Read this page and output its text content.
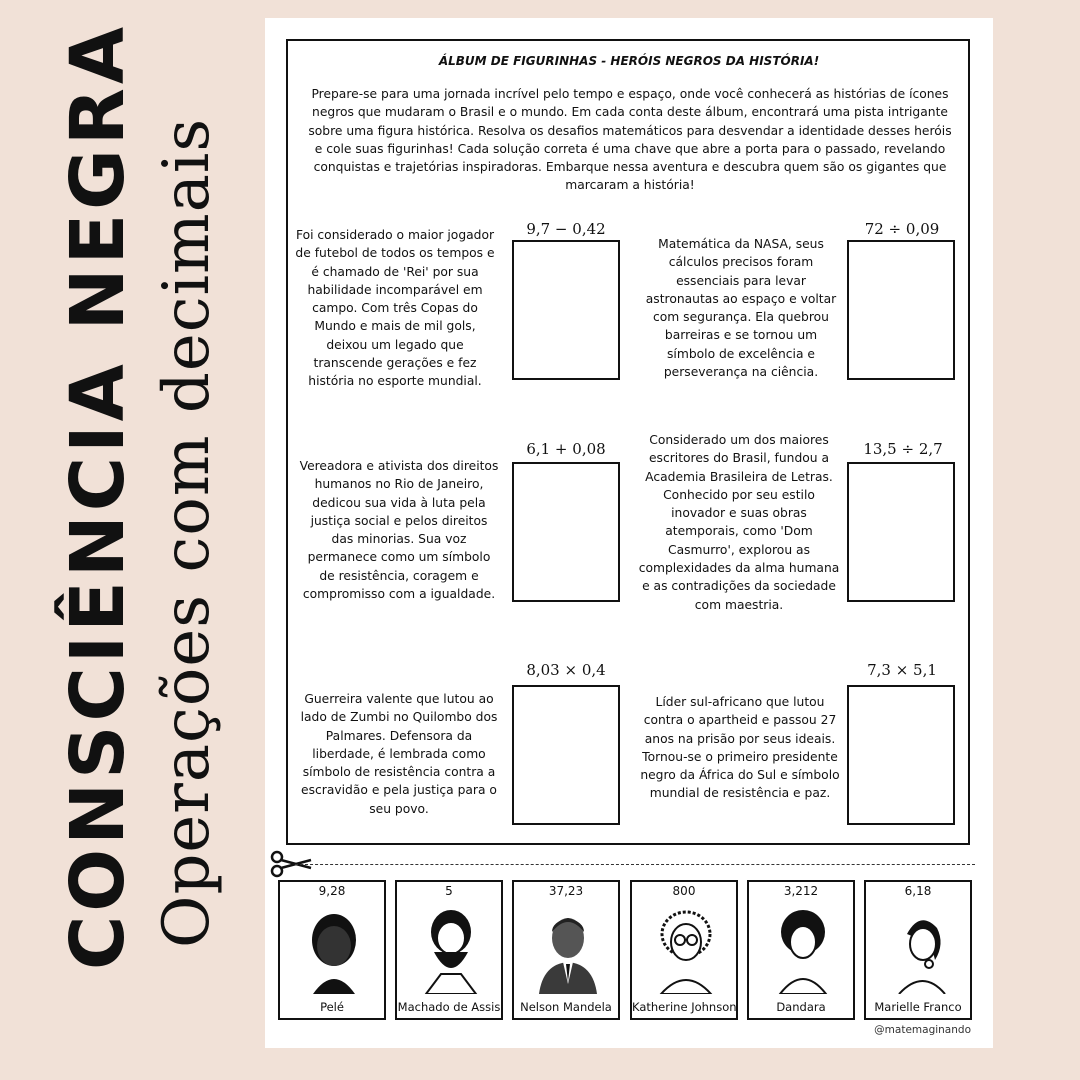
CONSCIÊNCIA NEGRA Operações com decimais
ÁLBUM DE FIGURINHAS - HERÓIS NEGROS DA HISTÓRIA!
Prepare-se para uma jornada incrível pelo tempo e espaço, onde você conhecerá as histórias de ícones negros que mudaram o Brasil e o mundo. Em cada conta deste álbum, encontrará uma pista intrigante sobre uma figura histórica. Resolva os desafios matemáticos para desvendar a identidade desses heróis e cole suas figurinhas! Cada solução correta é uma chave que abre a porta para o passado, revelando conquistas e trajetórias inspiradoras. Embarque nessa aventura e descubra quem são os gigantes que marcaram a história!
Foi considerado o maior jogador de futebol de todos os tempos e é chamado de 'Rei' por sua habilidade incomparável em campo. Com três Copas do Mundo e mais de mil gols, deixou um legado que transcende gerações e fez história no esporte mundial.
9,7 − 0,42
Matemática da NASA, seus cálculos precisos foram essenciais para levar astronautas ao espaço e voltar com segurança. Ela quebrou barreiras e se tornou um símbolo de excelência e perseverança na ciência.
72 ÷ 0,09
Vereadora e ativista dos direitos humanos no Rio de Janeiro, dedicou sua vida à luta pela justiça social e pelos direitos das minorias. Sua voz permanece como um símbolo de resistência, coragem e compromisso com a igualdade.
6,1 + 0,08	Considerado um dos maiores escritores do Brasil, fundou a Academia Brasileira de Letras. Conhecido por seu estilo inovador e suas obras atemporais, como 'Dom Casmurro', explorou as complexidades da alma humana e as contradições da sociedade com maestria.
13,5 ÷ 2,7
Guerreira valente que lutou ao lado de Zumbi no Quilombo dos Palmares. Defensora da liberdade, é lembrada como símbolo de resistência contra a escravidão e pela justiça para o seu povo.
8,03 × 0,4
Líder sul-africano que lutou contra o apartheid e passou 27 anos na prisão por seus ideais. Tornou-se o primeiro presidente negro da África do Sul e símbolo mundial de resistência e paz.
7,3 × 5,1
9,28
Pelé
5
Machado de Assis
37,23
Nelson Mandela
800
Katherine Johnson
3,212
Dandara
6,18
Marielle Franco
@matemaginando
